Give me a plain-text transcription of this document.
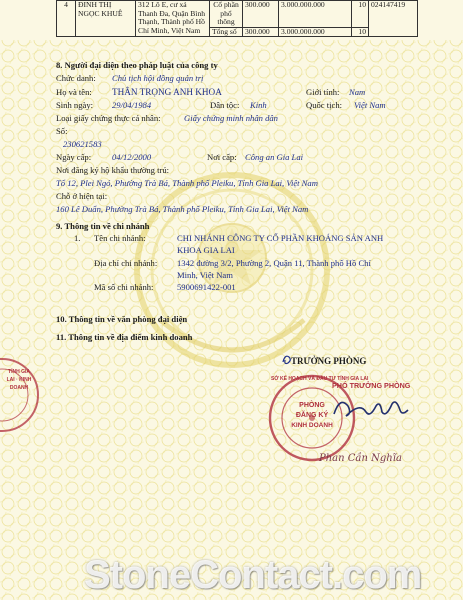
4	ĐINH THỊ NGỌC KHUÊ	312 Lô E, cư xá Thanh Đa, Quận Bình Thạnh, Thành phố Hồ Chí Minh, Việt Nam	Cổ phần phổ thông	300.000	3.000.000.000	10	024147419
			Tổng số	300.000	3.000.000.000	10	
8. Người đại diện theo pháp luật của công ty
Chức danh: Chủ tịch hội đồng quản trị
Họ và tên: THÂN TRỌNG ANH KHOA	Giới tính: Nam
Sinh ngày: 29/04/1984	Dân tộc: Kinh	Quốc tịch: Việt Nam
Loại giấy chứng thực cá nhân:	Giấy chứng minh nhân dân
Số:
230621583
Ngày cấp: 04/12/2000	Nơi cấp: Công an Gia Lai
Nơi đăng ký hộ khẩu thường trú:
Tổ 12, Plei Ngó, Phường Trà Bá, Thành phố Pleiku, Tỉnh Gia Lai, Việt Nam
Chỗ ở hiện tại:
160 Lê Duẩn, Phường Trà Bá, Thành phố Pleiku, Tỉnh Gia Lai, Việt Nam
9. Thông tin về chi nhánh
1. Tên chi nhánh:	CHI NHÁNH CÔNG TY CỔ PHẦN KHOÁNG SẢN ANH
KHOA GIA LAI
Địa chỉ chi nhánh: 1342 đường 3/2, Phường 2, Quận 11, Thành phố Hồ Chí
Minh, Việt Nam
Mã số chi nhánh:	5900691422-001
10. Thông tin về văn phòng đại diện
11. Thông tin về địa điểm kinh doanh
TRƯỞNG PHÒNG
PHÓ TRƯỞNG PHÒNG
SỞ KẾ HOẠCH VÀ ĐẦU TƯ TỈNH GIA LAI
PHÒNG
ĐĂNG KÝ
KINH DOANH
Phan Cần Nghĩa
TỈNH GIA LAI · KINH DOANH
StoneContact.com
